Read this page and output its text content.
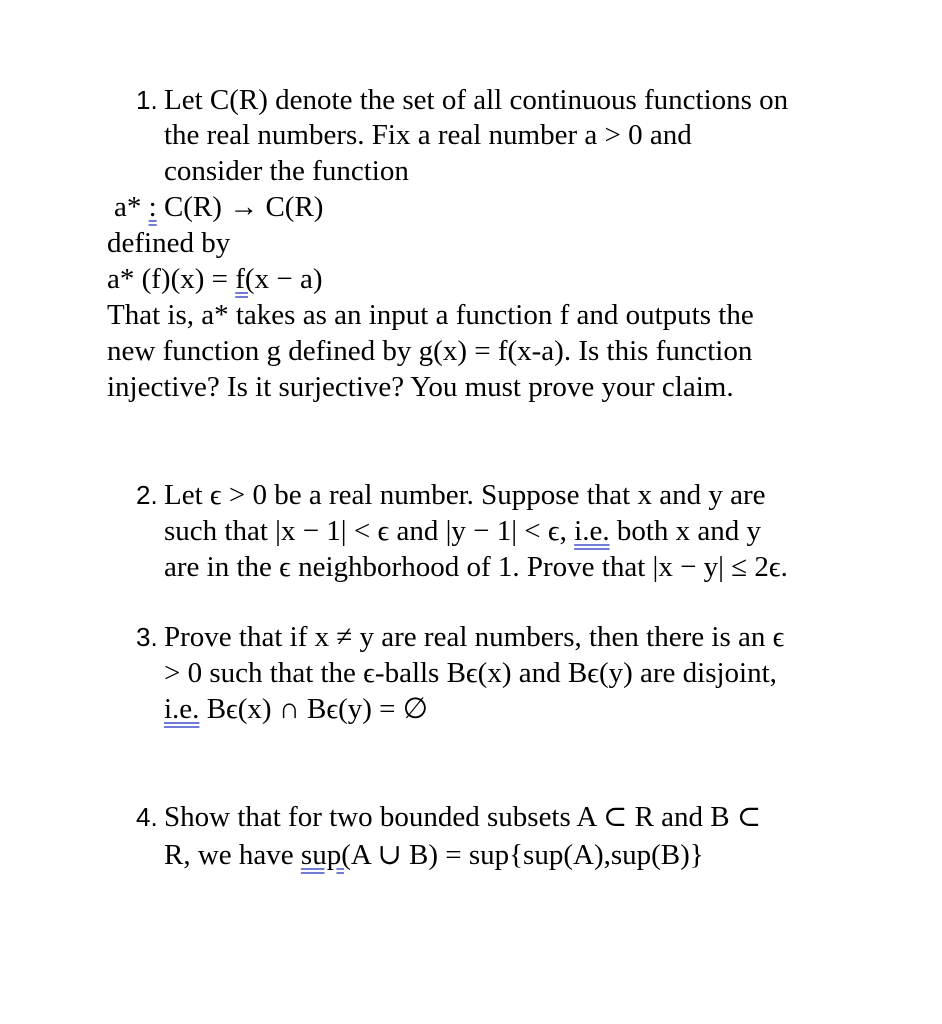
1. Let C(R) denote the set of all continuous functions on
the real numbers. Fix a real number a > 0 and
consider the function
a* : C(R) → C(R)
defined by
a* (f)(x) = f(x − a)
That is, a* takes as an input a function f and outputs the
new function g defined by g(x) = f(x-a). Is this function
injective? Is it surjective? You must prove your claim.
2. Let ϵ > 0 be a real number. Suppose that x and y are
such that |x − 1| < ϵ and |y − 1| < ϵ, i.e. both x and y
are in the ϵ neighborhood of 1. Prove that |x − y| ≤ 2ϵ.
3. Prove that if x ≠ y are real numbers, then there is an ϵ
> 0 such that the ϵ-balls Bϵ(x) and Bϵ(y) are disjoint,
i.e. Bϵ(x) ∩ Bϵ(y) = ∅
4. Show that for two bounded subsets A ⊂ R and B ⊂
R, we have sup(A ∪ B) = sup{sup(A),sup(B)}
